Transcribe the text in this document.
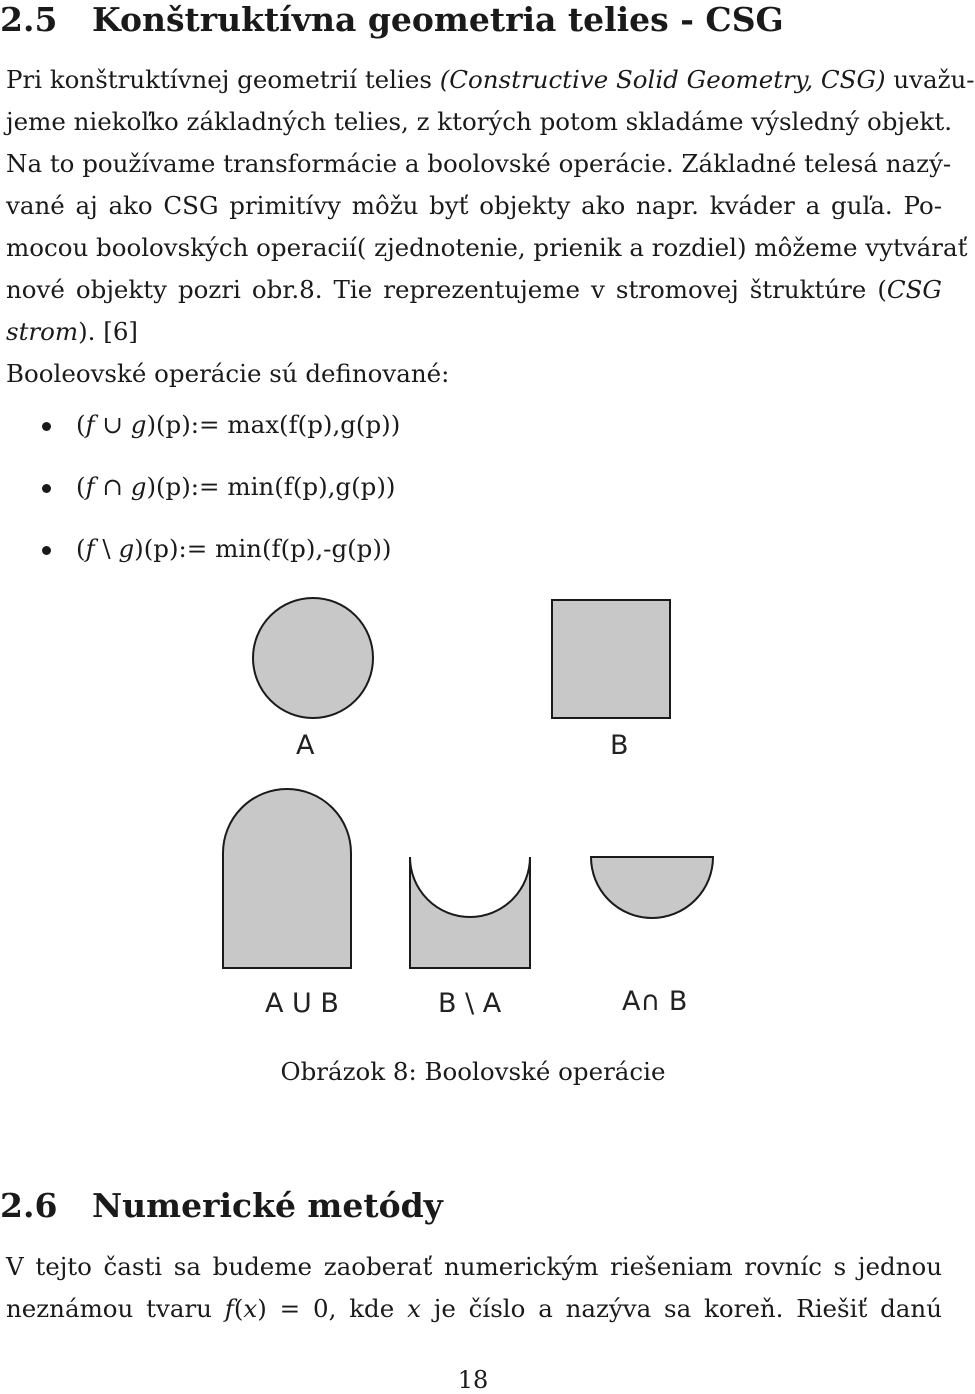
2.5 Konštruktívna geometria telies - CSG
Pri konštruktívnej geometrií telies (Constructive Solid Geometry, CSG) uvažu-
jeme niekoľko základných telies, z ktorých potom skladáme výsledný objekt.
Na to používame transformácie a boolovské operácie. Základné telesá nazý-
vané aj ako CSG primitívy môžu byť objekty ako napr. kváder a guľa. Po-
mocou boolovských operacií( zjednotenie, prienik a rozdiel) môžeme vytvárať
nové objekty pozri obr.8. Tie reprezentujeme v stromovej štruktúre (CSG
strom). [6]
Booleovské operácie sú definované:
(f ∪ g)(p):= max(f(p),g(p))
(f ∩ g)(p):= min(f(p),g(p))
(f \ g)(p):= min(f(p),-g(p))
A	B
A U B	B \ A	A∩ B
Obrázok 8: Boolovské operácie
2.6 Numerické metódy
V tejto časti sa budeme zaoberať numerickým riešeniam rovníc s jednou
neznámou tvaru f(x) = 0, kde x je číslo a nazýva sa koreň. Riešiť danú
18
